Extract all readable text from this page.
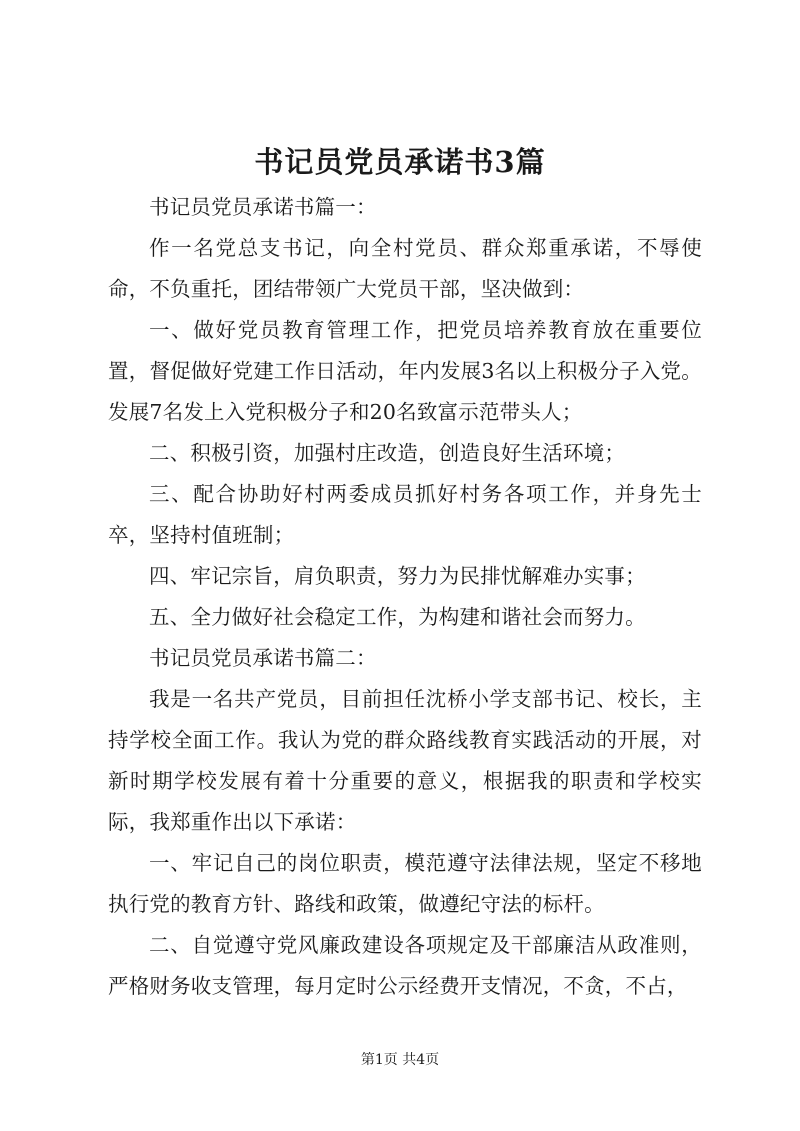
书记员党员承诺书3篇

书记员党员承诺书篇一：

作一名党总支书记，向全村党员、群众郑重承诺，不辱使命，不负重托，团结带领广大党员干部，坚决做到：

一、做好党员教育管理工作，把党员培养教育放在重要位置，督促做好党建工作日活动，年内发展3名以上积极分子入党。发展7名发上入党积极分子和20名致富示范带头人；

二、积极引资，加强村庄改造，创造良好生活环境；

三、配合协助好村两委成员抓好村务各项工作，并身先士卒，坚持村值班制；

四、牢记宗旨，肩负职责，努力为民排忧解难办实事；

五、全力做好社会稳定工作，为构建和谐社会而努力。

书记员党员承诺书篇二：

我是一名共产党员，目前担任沈桥小学支部书记、校长，主持学校全面工作。我认为党的群众路线教育实践活动的开展，对新时期学校发展有着十分重要的意义，根据我的职责和学校实际，我郑重作出以下承诺：

一、牢记自己的岗位职责，模范遵守法律法规，坚定不移地执行党的教育方针、路线和政策，做遵纪守法的标杆。

二、自觉遵守党风廉政建设各项规定及干部廉洁从政准则，严格财务收支管理，每月定时公示经费开支情况，不贪，不占，

第1页 共4页
